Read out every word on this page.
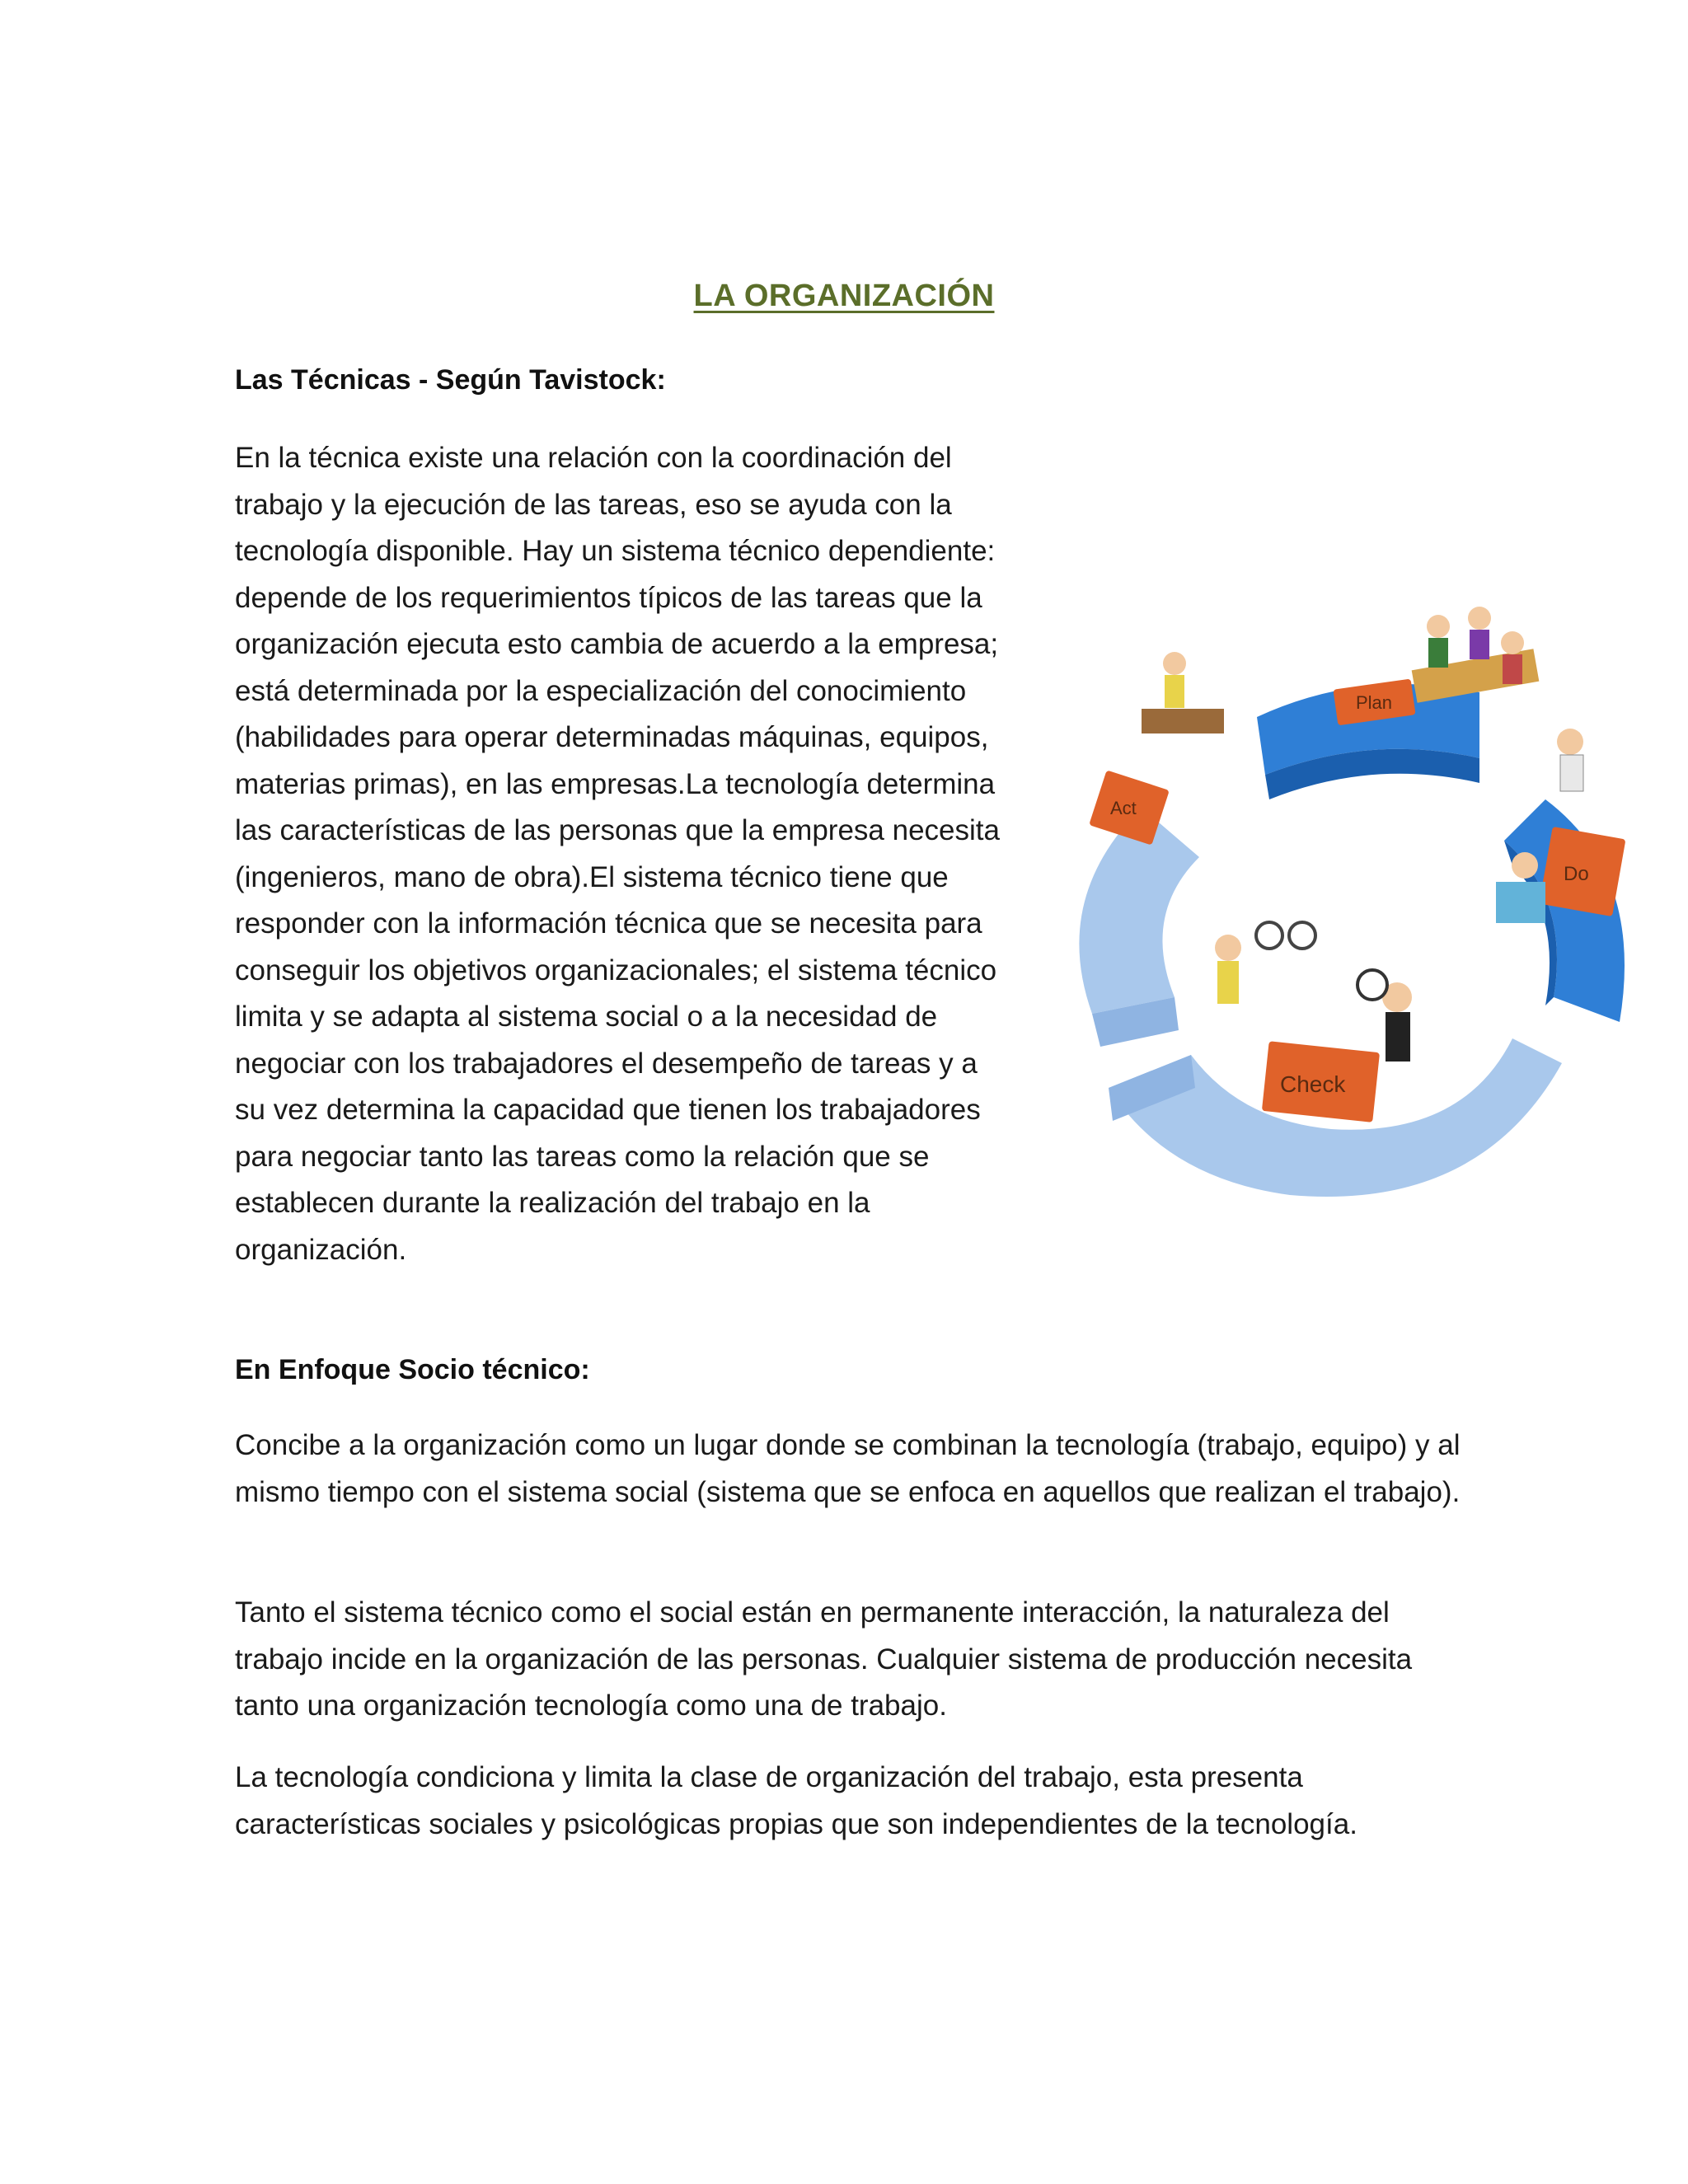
LA ORGANIZACIÓN
Las Técnicas - Según Tavistock:

En la técnica existe una relación con la coordinación del trabajo y la ejecución de las tareas, eso se ayuda con la tecnología disponible. Hay un sistema técnico dependiente: depende de los requerimientos típicos de las tareas que la organización ejecuta esto cambia de acuerdo a la empresa; está determinada por la especialización del conocimiento (habilidades para operar determinadas máquinas, equipos, materias primas), en las empresas.La tecnología determina las características de las personas que la empresa necesita (ingenieros, mano de obra).El sistema técnico tiene que responder con la información técnica que se necesita para conseguir los objetivos organizacionales; el sistema técnico limita y se adapta al sistema social o a la necesidad de negociar con los trabajadores el desempeño de tareas y a su vez determina la capacidad que tienen los trabajadores para negociar tanto las tareas como la relación que se establecen durante la realización del trabajo en la organización.

Plan
Do
Check
Act
En Enfoque Socio técnico:

Concibe a la organización como un lugar donde se combinan la tecnología (trabajo, equipo) y al mismo tiempo con el sistema social (sistema que se enfoca en aquellos que realizan el trabajo).

Tanto el sistema técnico como el social están en permanente interacción, la naturaleza del trabajo incide en la organización de las personas. Cualquier sistema de producción necesita tanto una organización tecnología como una de trabajo.

La tecnología condiciona y limita la clase de organización del trabajo, esta presenta características sociales y psicológicas propias que son independientes de la tecnología.
